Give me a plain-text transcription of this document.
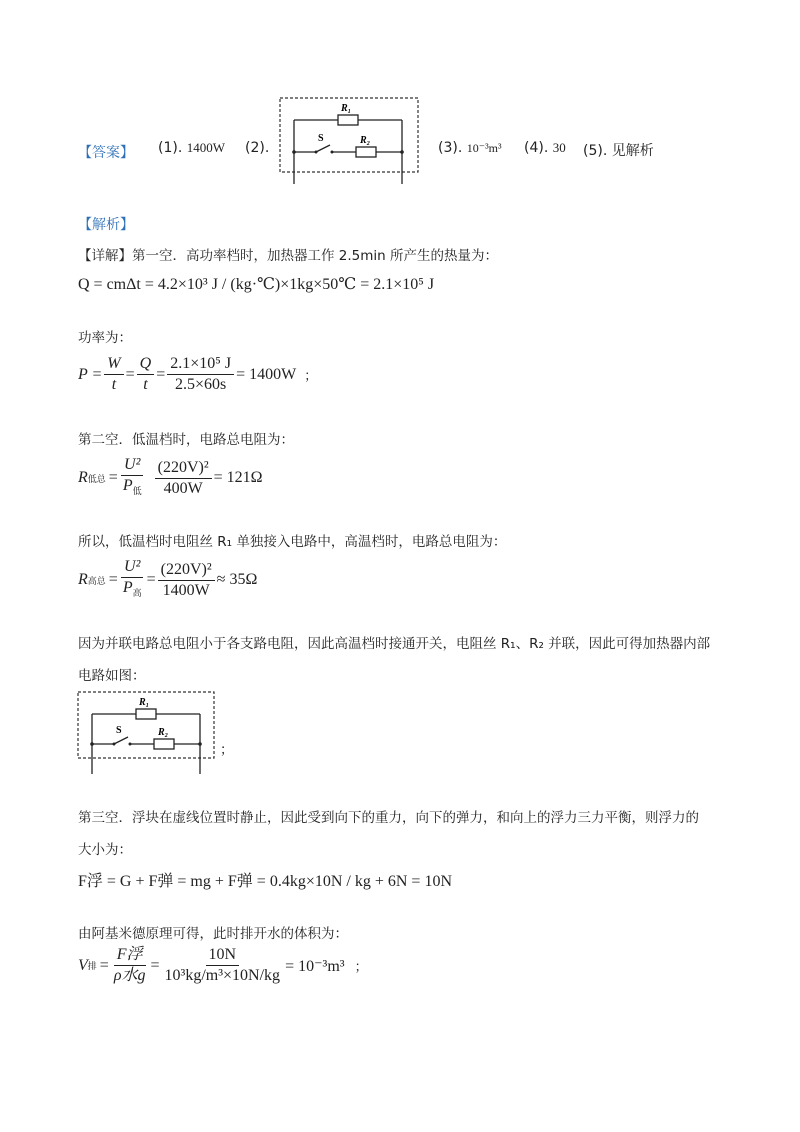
【答案】 (1). 1400W (2).
R₁
S	R₂	(3). 10⁻³m³ (4). 30 (5). 见解析
【解析】
【详解】第一空．高功率档时，加热器工作 2.5min 所产生的热量为：
Q = cmΔt = 4.2×10³ J / (kg·℃)×1kg×50℃ = 2.1×10⁵ J
功率为：
$P = \frac{W}{t} = \frac{Q}{t} = \frac{\text{2.1×10⁵ J}}{2.5\times 60s} = 1400W$ ；
第二空．低温档时，电路总电阻为：
R 低总 = $\frac{\text{U²}}{P_低} \frac{\text{(220V)²}}{400W} = 121\Omega$
所以，低温档时电阻丝 R₁ 单独接入电路中，高温档时，电路总电阻为：
R 高总 = $\frac{\text{U²}}{P_高} = \frac{\text{(220V)²}}{1400W} \approx 35\Omega$
因为并联电路总电阻小于各支路电阻，因此高温档时接通开关，电阻丝 R₁、R₂ 并联，因此可得加热器内部
电路如图：
R₁
S	R₂
；
第三空．浮块在虚线位置时静止，因此受到向下的重力，向下的弹力，和向上的浮力三力平衡，则浮力的
大小为：
F浮 = G + F弹 = mg + F弹 = 0.4kg×10N / kg + 6N = 10N
由阿基米德原理可得，此时排开水的体积为：
V 排 = $\frac{\text{F浮}}{\text{ρ水g}} = \frac{10N}{\text{10³kg/m³×10N/kg}} = 10^{-3}m^3$ ；
